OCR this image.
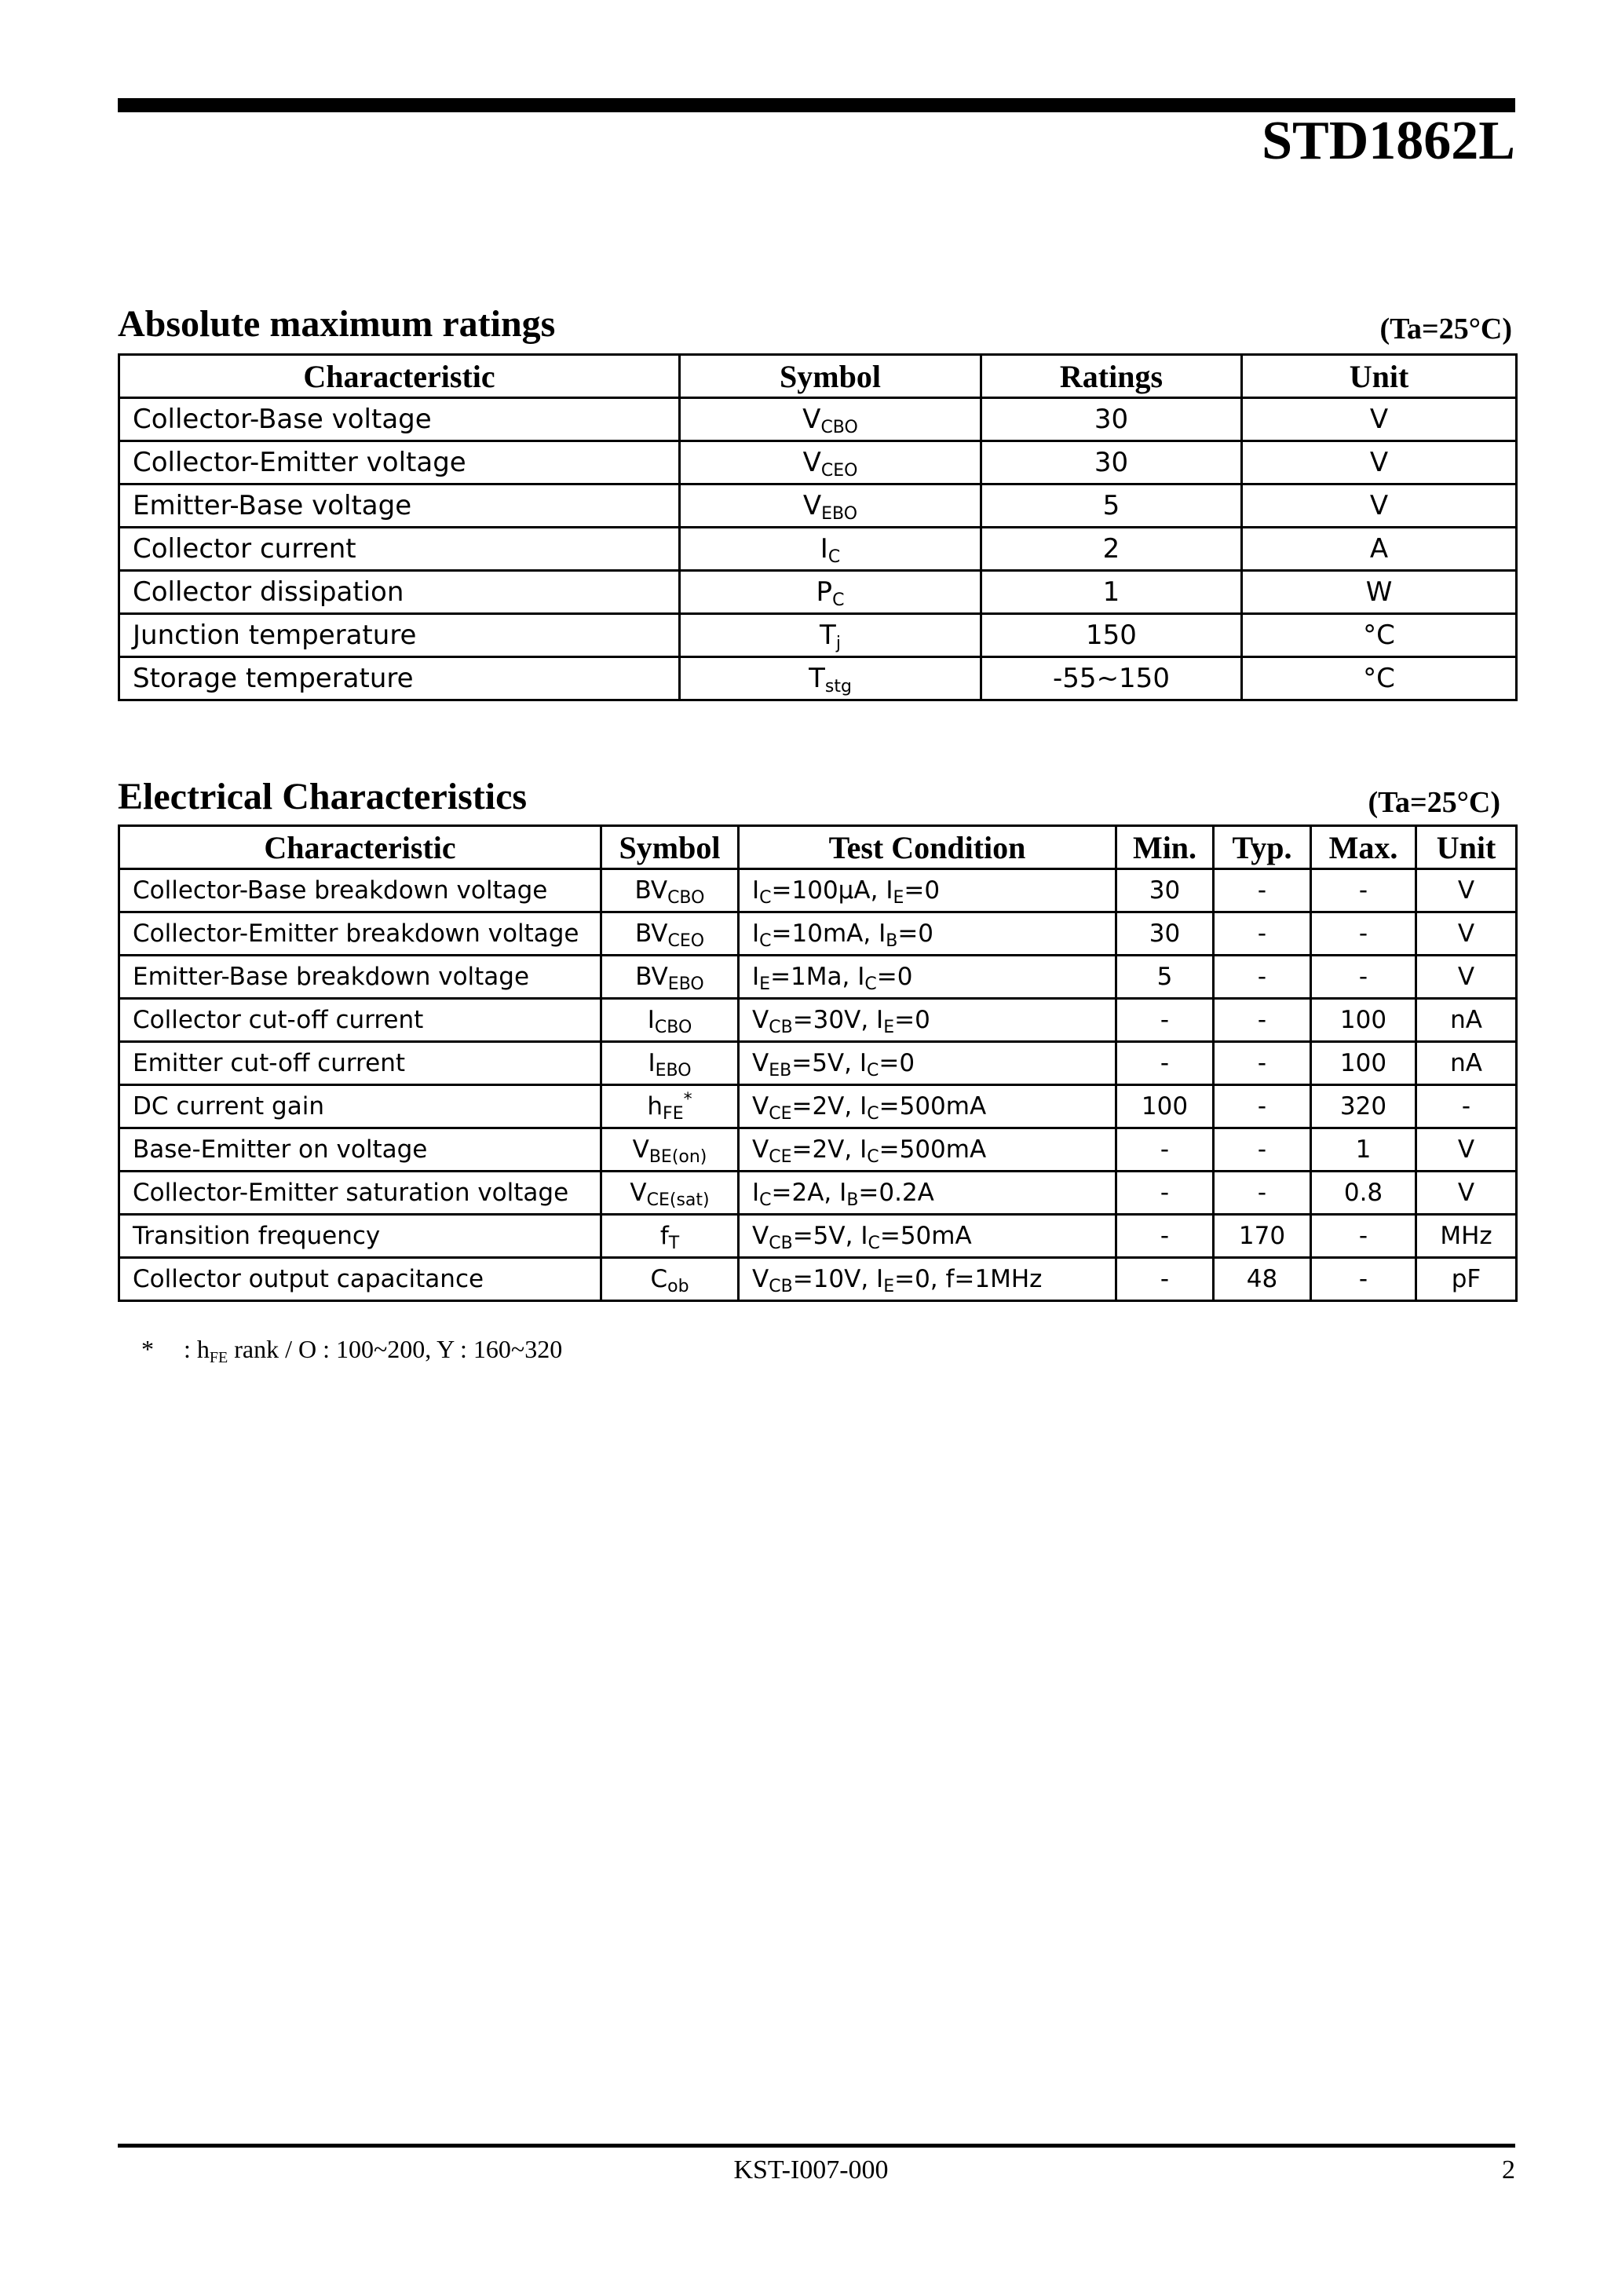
STD1862L
Absolute maximum ratings	(Ta=25°C)
Characteristic	Symbol	Ratings	Unit
Collector-Base voltage	$V_{CBO}$	30	V
Collector-Emitter voltage	$V_{CEO}$	30	V
Emitter-Base voltage	$V_{EBO}$	5	V
Collector current	$I_C$	2	A
Collector dissipation	$P_C$	1	W
Junction temperature	$T_j$	150	°C
Storage temperature	$T_{stg}$	-55~150	°C
Electrical Characteristics	(Ta=25°C)
Characteristic	Symbol	Test Condition	Min.	Typ.	Max.	Unit
Collector-Base breakdown voltage	$BV_{CBO}$	$I_C=100\mu A$, $I_E=0$	30	-	-	V
Collector-Emitter breakdown voltage	$BV_{CEO}$	$I_C=10mA$, $I_B=0$	30	-	-	V
Emitter-Base breakdown voltage	$BV_{EBO}$	$I_E=1Ma$, $I_C=0$	5	-	-	V
Collector cut-off current	$I_{CBO}$	$V_{CB}=30V$, $I_E=0$	-	-	100	nA
Emitter cut-off current	$I_{EBO}$	$V_{EB}=5V$, $I_C=0$	-	-	100	nA
DC current gain	$h_{FE}^*$	$V_{CE}=2V$, $I_C=500mA$	100	-	320	-
Base-Emitter on voltage	$V_{BE(on)}$	$V_{CE}=2V$, $I_C=500mA$	-	-	1	V
Collector-Emitter saturation voltage	$V_{CE(sat)}$	$I_C=2A$, $I_B=0.2A$	-	-	0.8	V
Transition frequency	$f_T$	$V_{CB}=5V$, $I_C=50mA$	-	170	-	MHz
Collector output capacitance	$C_{ob}$	$V_{CB}=10V$, $I_E=0$, f=1MHz	-	48	-	pF
* : $h_{FE}$ rank / O : 100~200, Y : 160~320
KST-I007-000	2
